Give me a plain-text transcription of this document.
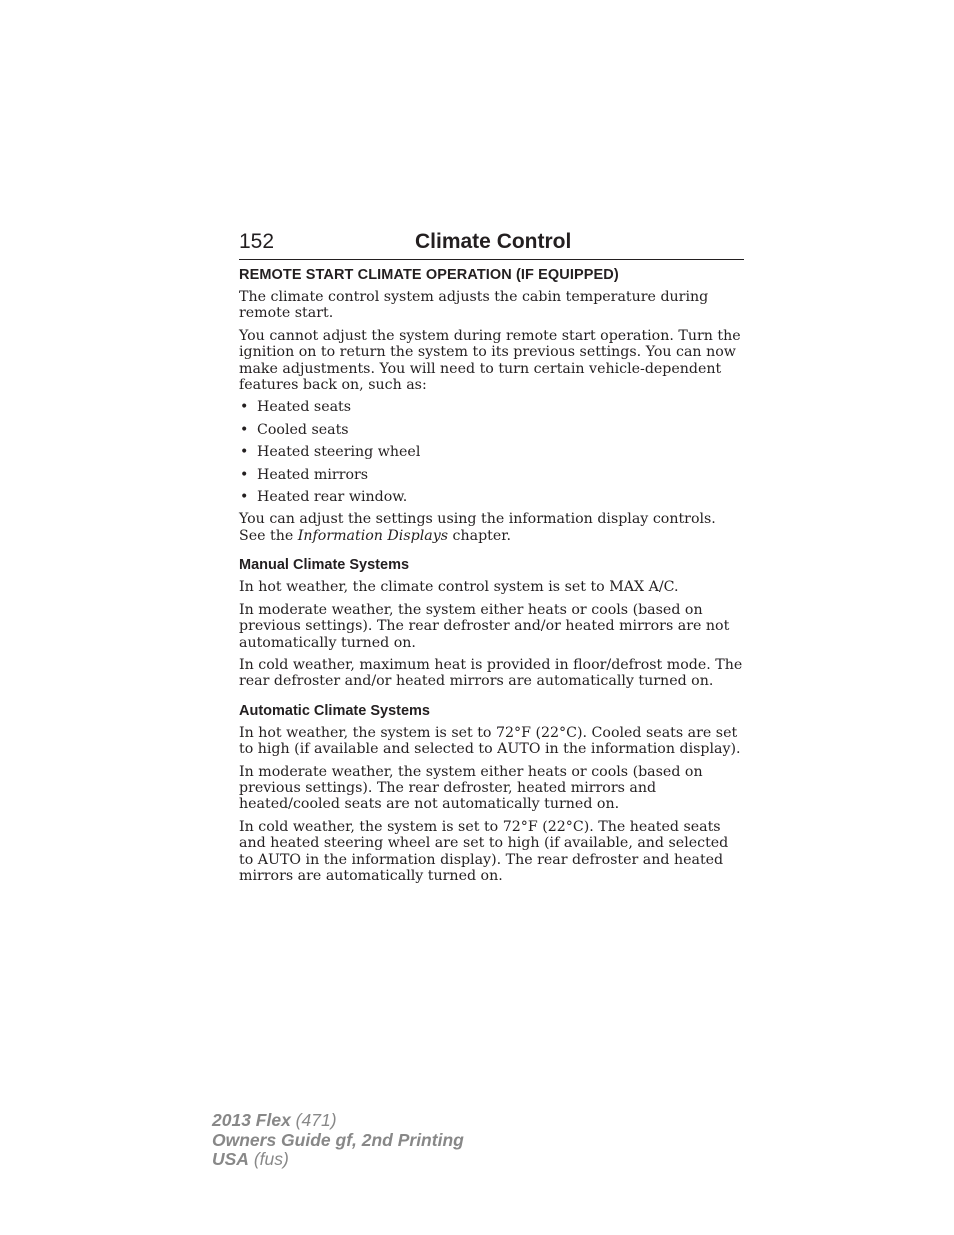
152	Climate Control
REMOTE START CLIMATE OPERATION (IF EQUIPPED)

The climate control system adjusts the cabin temperature during remote start.

You cannot adjust the system during remote start operation. Turn the ignition on to return the system to its previous settings. You can now make adjustments. You will need to turn certain vehicle-dependent features back on, such as:

• Heated seats
• Cooled seats
• Heated steering wheel
• Heated mirrors
• Heated rear window.

You can adjust the settings using the information display controls. See the Information Displays chapter.

Manual Climate Systems

In hot weather, the climate control system is set to MAX A/C.

In moderate weather, the system either heats or cools (based on previous settings). The rear defroster and/or heated mirrors are not automatically turned on.

In cold weather, maximum heat is provided in floor/defrost mode. The rear defroster and/or heated mirrors are automatically turned on.

Automatic Climate Systems

In hot weather, the system is set to 72°F (22°C). Cooled seats are set to high (if available and selected to AUTO in the information display).

In moderate weather, the system either heats or cools (based on previous settings). The rear defroster, heated mirrors and heated/cooled seats are not automatically turned on.

In cold weather, the system is set to 72°F (22°C). The heated seats and heated steering wheel are set to high (if available, and selected to AUTO in the information display). The rear defroster and heated mirrors are automatically turned on.

2013 Flex (471)
Owners Guide gf, 2nd Printing
USA (fus)
